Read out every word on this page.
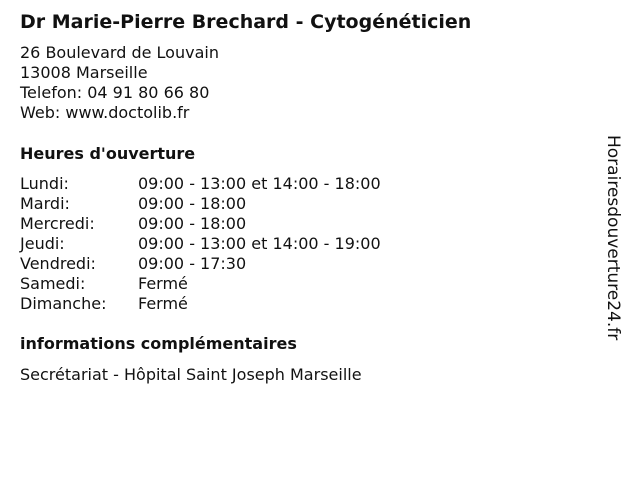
Dr Marie-Pierre Brechard - Cytogénéticien
26 Boulevard de Louvain
13008 Marseille
Telefon: 04 91 80 66 80
Web: www.doctolib.fr
Heures d'ouverture
Lundi:	09:00 - 13:00 et 14:00 - 18:00
Mardi:	09:00 - 18:00
Mercredi:	09:00 - 18:00
Jeudi:	09:00 - 13:00 et 14:00 - 19:00
Vendredi:	09:00 - 17:30
Samedi:	Fermé
Dimanche:	Fermé
informations complémentaires
Secrétariat - Hôpital Saint Joseph Marseille
Horairesdouverture24.fr
